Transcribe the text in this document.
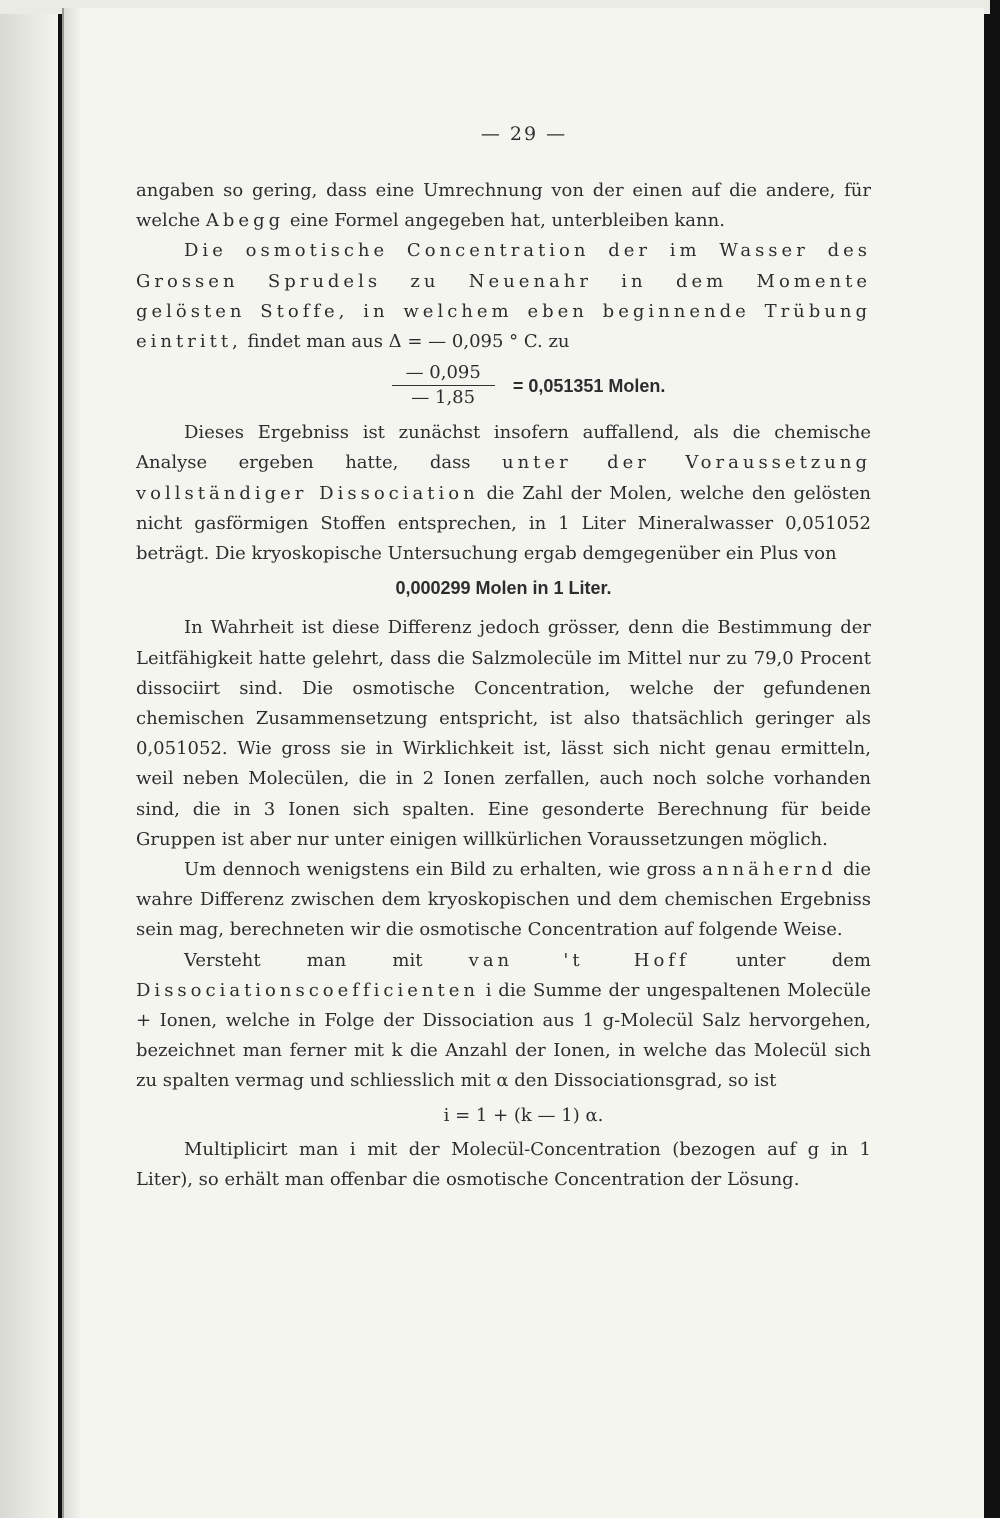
— 29 —

angaben so gering, dass eine Umrechnung von der einen auf die andere, für welche Abegg eine Formel angegeben hat, unterbleiben kann.

Die osmotische Concentration der im Wasser des Grossen Sprudels zu Neuenahr in dem Momente gelösten Stoffe, in welchem eben beginnende Trübung eintritt, findet man aus Δ = — 0,095 ° C. zu

$\frac{— 0,095}{— 1,85} = 0,051351$ Molen.

Dieses Ergebniss ist zunächst insofern auffallend, als die chemische Analyse ergeben hatte, dass unter der Voraussetzung vollständiger Dissociation die Zahl der Molen, welche den gelösten nicht gasförmigen Stoffen entsprechen, in 1 Liter Mineralwasser 0,051052 beträgt. Die kryoskopische Untersuchung ergab demgegenüber ein Plus von

0,000299 Molen in 1 Liter.

In Wahrheit ist diese Differenz jedoch grösser, denn die Bestimmung der Leitfähigkeit hatte gelehrt, dass die Salzmolecüle im Mittel nur zu 79,0 Procent dissociirt sind. Die osmotische Concentration, welche der gefundenen chemischen Zusammensetzung entspricht, ist also thatsächlich geringer als 0,051052. Wie gross sie in Wirklichkeit ist, lässt sich nicht genau ermitteln, weil neben Molecülen, die in 2 Ionen zerfallen, auch noch solche vorhanden sind, die in 3 Ionen sich spalten. Eine gesonderte Berechnung für beide Gruppen ist aber nur unter einigen willkürlichen Voraussetzungen möglich.

Um dennoch wenigstens ein Bild zu erhalten, wie gross annähernd die wahre Differenz zwischen dem kryoskopischen und dem chemischen Ergebniss sein mag, berechneten wir die osmotische Concentration auf folgende Weise.

Versteht man mit	van 't Hoff	unter dem Dissociationscoefficienten i die Summe der ungespaltenen Molecüle + Ionen, welche in Folge der Dissociation aus 1 g-Molecül Salz hervorgehen, bezeichnet man ferner mit k die Anzahl der Ionen, in welche das Molecül sich zu spalten vermag und schliesslich mit α den Dissociationsgrad, so ist

i = 1 + (k — 1) α.

Multiplicirt man i mit der Molecül-Concentration (bezogen auf g in 1 Liter), so erhält man offenbar die osmotische Concentration der Lösung.
